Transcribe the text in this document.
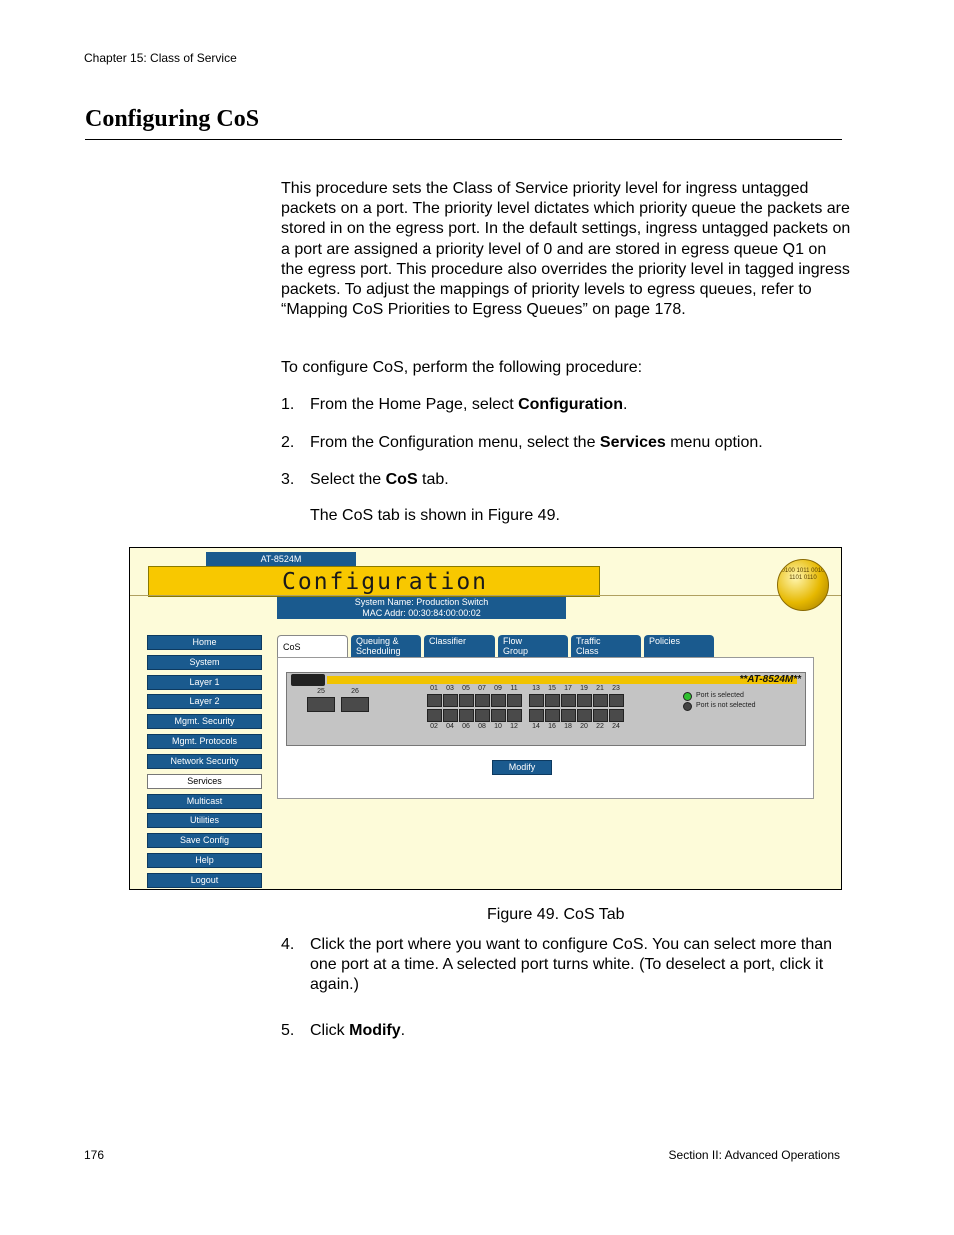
Chapter 15: Class of Service
Configuring CoS
This procedure sets the Class of Service priority level for ingress untagged packets on a port. The priority level dictates which priority queue the packets are stored in on the egress port. In the default settings, ingress untagged packets on a port are assigned a priority level of 0 and are stored in egress queue Q1 on the egress port. This procedure also overrides the priority level in tagged ingress packets. To adjust the mappings of priority levels to egress queues, refer to “Mapping CoS Priorities to Egress Queues” on page 178.
To configure CoS, perform the following procedure:
1. From the Home Page, select Configuration.
2. From the Configuration menu, select the Services menu option.
3. Select the CoS tab.
The CoS tab is shown in Figure 49.
AT-8524M
Configuration
System Name: Production Switch
MAC Addr: 00:30:84:00:00:02
0100 1011 0010 1101 0110
Home
System
Layer 1
Layer 2
Mgmt. Security
Mgmt. Protocols
Network Security
Services
Multicast
Utilities
Save Config
Help
Logout
CoS
Queuing &
Scheduling
Classifier	Flow
Group
Traffic
Class
Policies
**AT-8524M**
25	26	01	03	05	07	09	11	13	15	17	19	21	23
02	04	06	08	10	12	14	16	18	20	22	24
Port is selected
Port is not selected
Modify
Figure 49. CoS Tab
4. Click the port where you want to configure CoS. You can select more than one port at a time. A selected port turns white. (To deselect a port, click it again.)
5. Click Modify.
176	Section II: Advanced Operations
